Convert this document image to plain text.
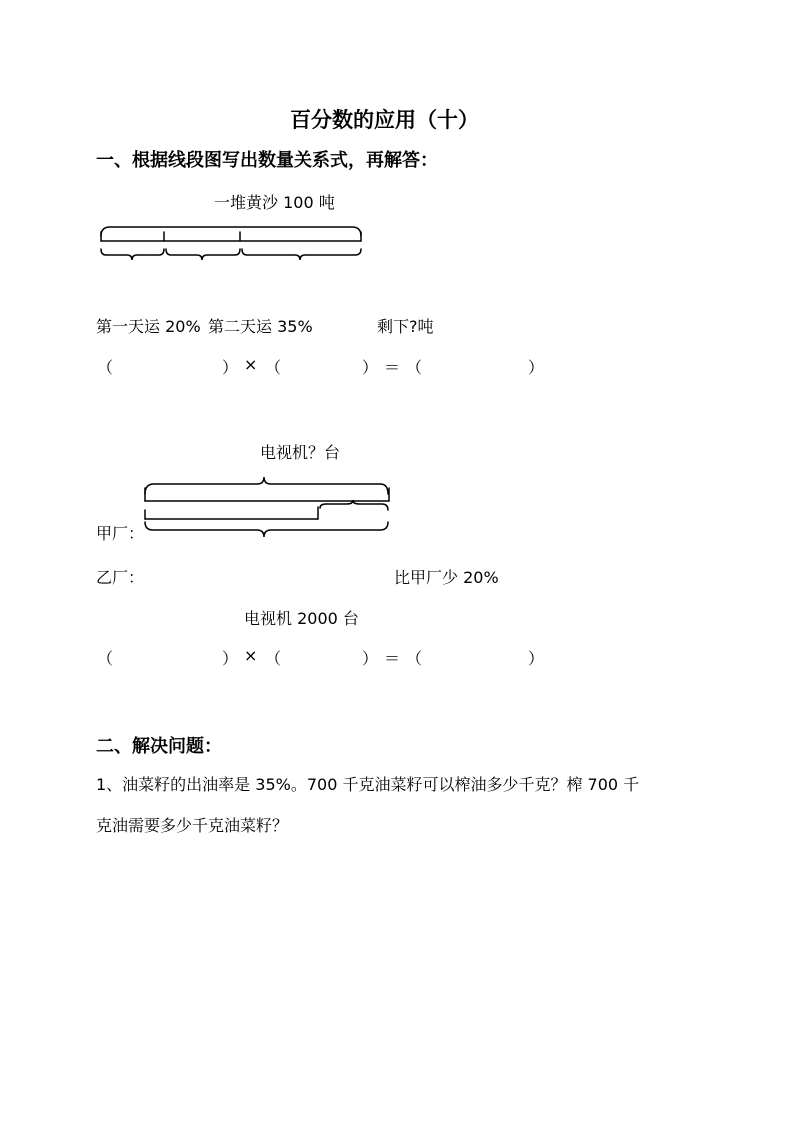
百分数的应用（十）
一、根据线段图写出数量关系式，再解答：
一堆黄沙 100 吨
第一天运 20% 第二天运 35%	剩下?吨
（	） × （	） ＝ （	）
电视机？台
甲厂：
乙厂：	比甲厂少 20%
电视机 2000 台
（	） × （	） ＝ （	）
二、解决问题：
1、油菜籽的出油率是 35%。700 千克油菜籽可以榨油多少千克？榨 700 千
克油需要多少千克油菜籽？
